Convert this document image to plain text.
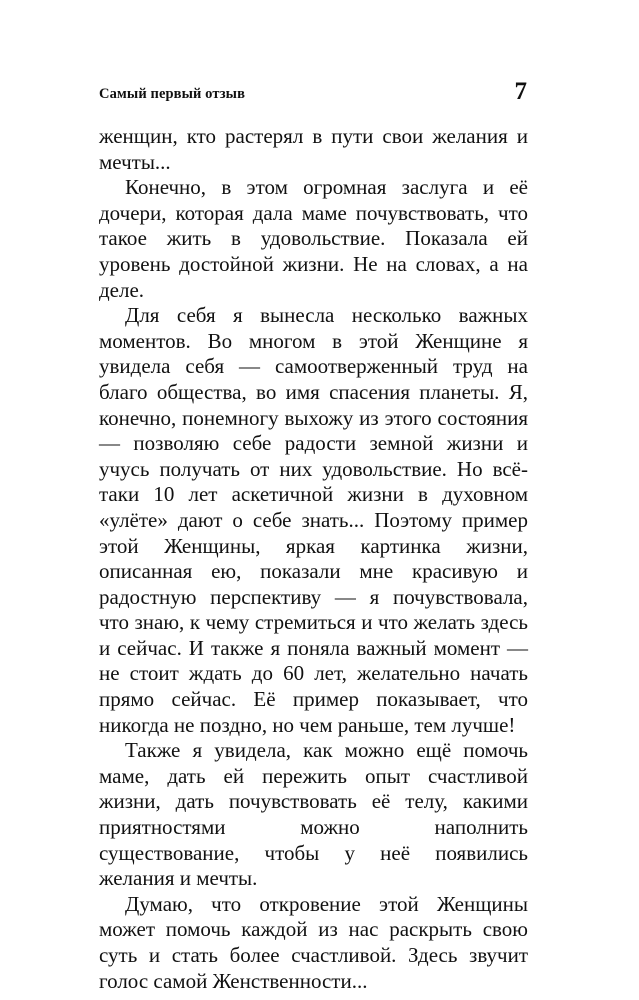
Самый первый отзыв	7

женщин, кто растерял в пути свои желания и мечты...

Конечно, в этом огромная заслуга и её дочери, которая дала маме почувствовать, что такое жить в удовольствие. Показала ей уровень достойной жизни. Не на словах, а на деле.

Для себя я вынесла несколько важных моментов. Во многом в этой Женщине я увидела себя — самоотверженный труд на благо общества, во имя спасения планеты. Я, конечно, понемногу выхожу из этого состояния — позволяю себе радости земной жизни и учусь получать от них удовольствие. Но всё-таки 10 лет аскетичной жизни в духовном «улёте» дают о себе знать... Поэтому пример этой Женщины, яркая картинка жизни, описанная ею, показали мне красивую и радостную перспективу — я почувствовала, что знаю, к чему стремиться и что желать здесь и сейчас. И также я поняла важный момент — не стоит ждать до 60 лет, желательно начать прямо сейчас. Её пример показывает, что никогда не поздно, но чем раньше, тем лучше!

Также я увидела, как можно ещё помочь маме, дать ей пережить опыт счастливой жизни, дать почувствовать её телу, какими приятностями можно наполнить существование, чтобы у неё появились желания и мечты.

Думаю, что откровение этой Женщины может помочь каждой из нас раскрыть свою суть и стать более счастливой. Здесь звучит голос самой Женственности...
